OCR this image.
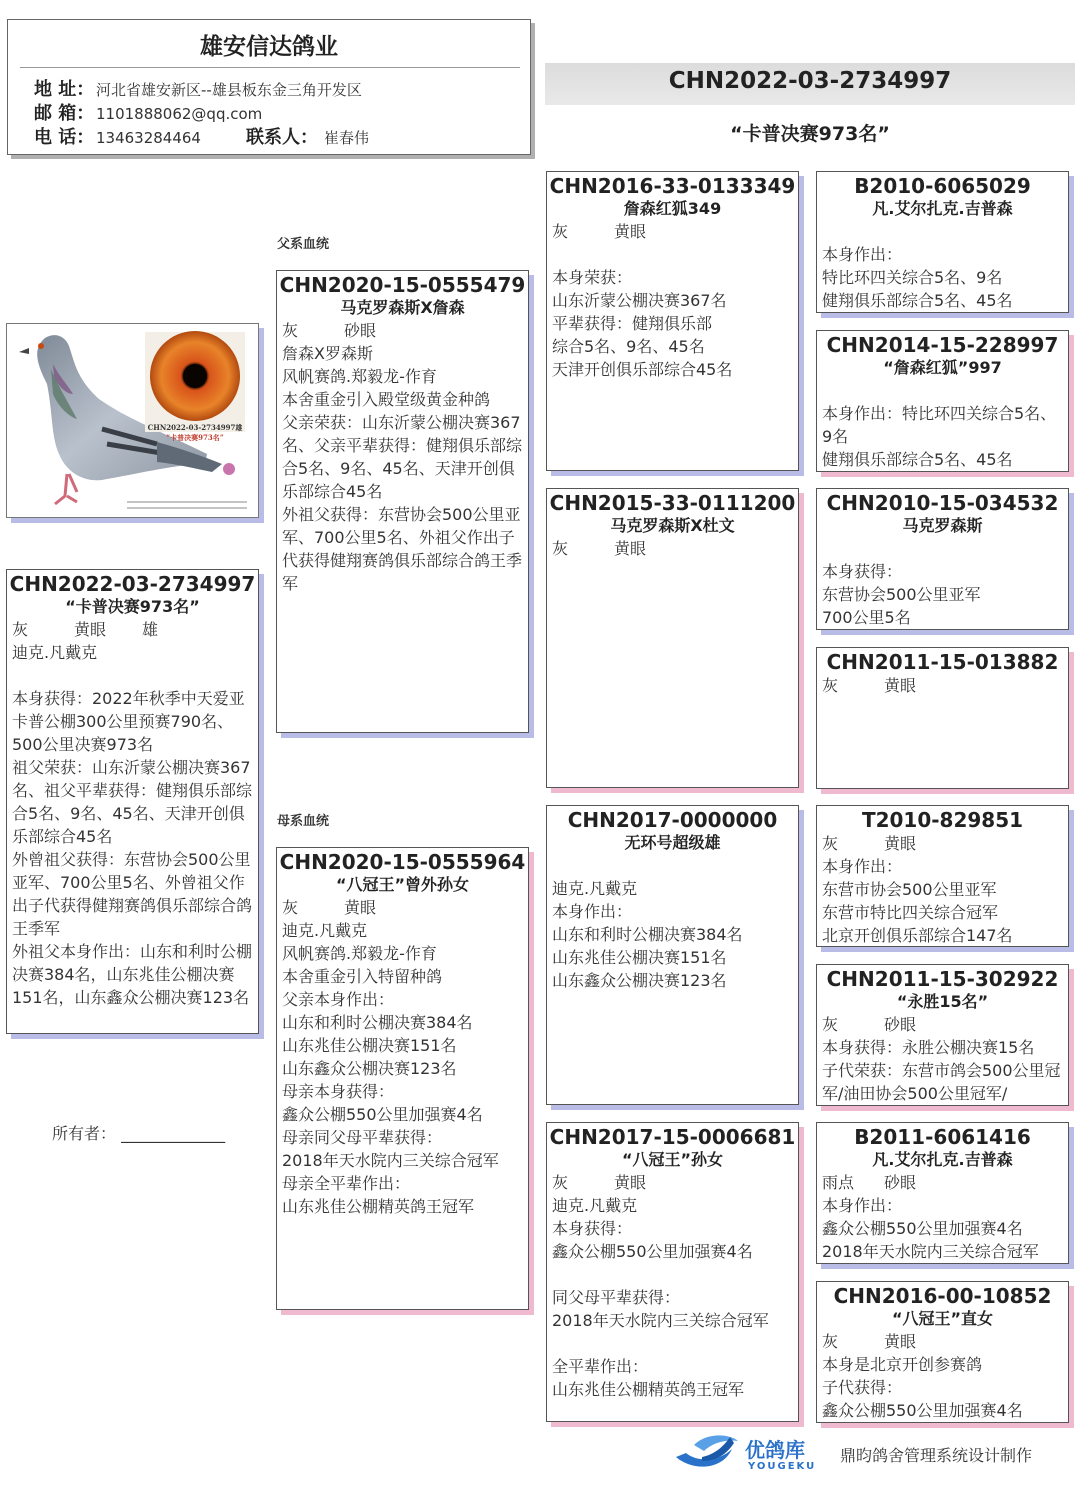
雄安信达鸽业
地 址： 河北省雄安新区--雄县板东金三角开发区
邮 箱： 1101888062@qq.com
电 话： 13463284464	联系人： 崔春伟
CHN2022-03-2734997
“卡普决赛973名”
父系血统
母系血统
CHN2022-03-2734997雄
“卡普决赛973名”
CHN2022-03-2734997
“卡普决赛973名”
灰	黄眼 雄
迪克.凡戴克
本身获得：2022年秋季中天爱亚卡普公棚300公里预赛790名、500公里决赛973名
祖父荣获：山东沂蒙公棚决赛367名、祖父平辈获得：健翔俱乐部综合5名、9名、45名、天津开创俱乐部综合45名
外曾祖父获得：东营协会500公里亚军、700公里5名、外曾祖父作出子代获得健翔赛鸽俱乐部综合鸽王季军
外祖父本身作出：山东和利时公棚决赛384名，山东兆佳公棚决赛151名，山东鑫众公棚决赛123名
CHN2020-15-0555479
马克罗森斯X詹森
灰	砂眼
詹森X罗森斯
风帆赛鸽.郑毅龙-作育
本舍重金引入殿堂级黄金种鸽
父亲荣获：山东沂蒙公棚决赛367名、父亲平辈获得：健翔俱乐部综合5名、9名、45名、天津开创俱乐部综合45名
外祖父获得：东营协会500公里亚军、700公里5名、外祖父作出子代获得健翔赛鸽俱乐部综合鸽王季军
CHN2020-15-0555964
“八冠王”曾外孙女
灰	黄眼
迪克.凡戴克
风帆赛鸽.郑毅龙-作育
本舍重金引入特留种鸽
父亲本身作出：
山东和利时公棚决赛384名
山东兆佳公棚决赛151名
山东鑫众公棚决赛123名
母亲本身获得：
鑫众公棚550公里加强赛4名
母亲同父母平辈获得：
2018年天水院内三关综合冠军
母亲全平辈作出：
山东兆佳公棚精英鸽王冠军
CHN2016-33-0133349
詹森红狐349
灰	黄眼
本身荣获：
山东沂蒙公棚决赛367名
平辈获得：健翔俱乐部
综合5名、9名、45名
天津开创俱乐部综合45名
CHN2015-33-0111200
马克罗森斯X杜文
灰	黄眼
CHN2017-0000000
无环号超级雄
迪克.凡戴克
本身作出：
山东和利时公棚决赛384名
山东兆佳公棚决赛151名
山东鑫众公棚决赛123名
CHN2017-15-0006681
“八冠王”孙女
灰	黄眼
迪克.凡戴克
本身获得：
鑫众公棚550公里加强赛4名
同父母平辈获得：
2018年天水院内三关综合冠军
全平辈作出：
山东兆佳公棚精英鸽王冠军
B2010-6065029
凡.艾尔扎克.吉普森
本身作出：
特比环四关综合5名、9名
健翔俱乐部综合5名、45名
CHN2014-15-228997
“詹森红狐”997
本身作出：特比环四关综合5名、9名
健翔俱乐部综合5名、45名
CHN2010-15-034532
马克罗森斯
本身获得：
东营协会500公里亚军
700公里5名
CHN2011-15-013882
灰	黄眼
T2010-829851
灰	黄眼
本身作出：
东营市协会500公里亚军
东营市特比四关综合冠军
北京开创俱乐部综合147名
CHN2011-15-302922
“永胜15名”
灰	砂眼
本身获得：永胜公棚决赛15名
子代荣获：东营市鸽会500公里冠军/油田协会500公里冠军/
B2011-6061416
凡.艾尔扎克.吉普森
雨点 砂眼
本身作出：
鑫众公棚550公里加强赛4名
2018年天水院内三关综合冠军
CHN2016-00-10852
“八冠王”直女
灰	黄眼
本身是北京开创参赛鸽
子代获得：
鑫众公棚550公里加强赛4名
所有者： _____________
优鸽库
YOUGEKU
鼎昀鸽舍管理系统设计制作
